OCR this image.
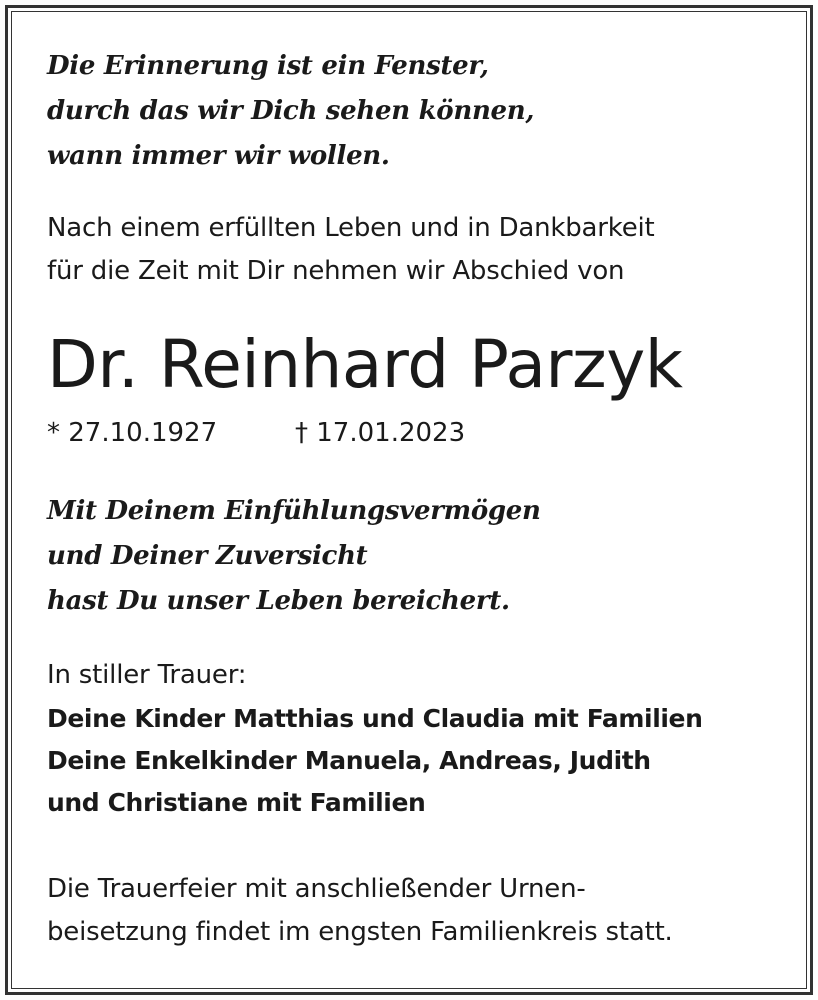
Die Erinnerung ist ein Fenster,
durch das wir Dich sehen können,
wann immer wir wollen.
Nach einem erfüllten Leben und in Dankbarkeit
für die Zeit mit Dir nehmen wir Abschied von
Dr. Reinhard Parzyk
* 27.10.1927	† 17.01.2023
Mit Deinem Einfühlungsvermögen
und Deiner Zuversicht
hast Du unser Leben bereichert.
In stiller Trauer:
Deine Kinder Matthias und Claudia mit Familien
Deine Enkelkinder Manuela, Andreas, Judith
und Christiane mit Familien
Die Trauerfeier mit anschließender Urnen-
beisetzung findet im engsten Familienkreis statt.
